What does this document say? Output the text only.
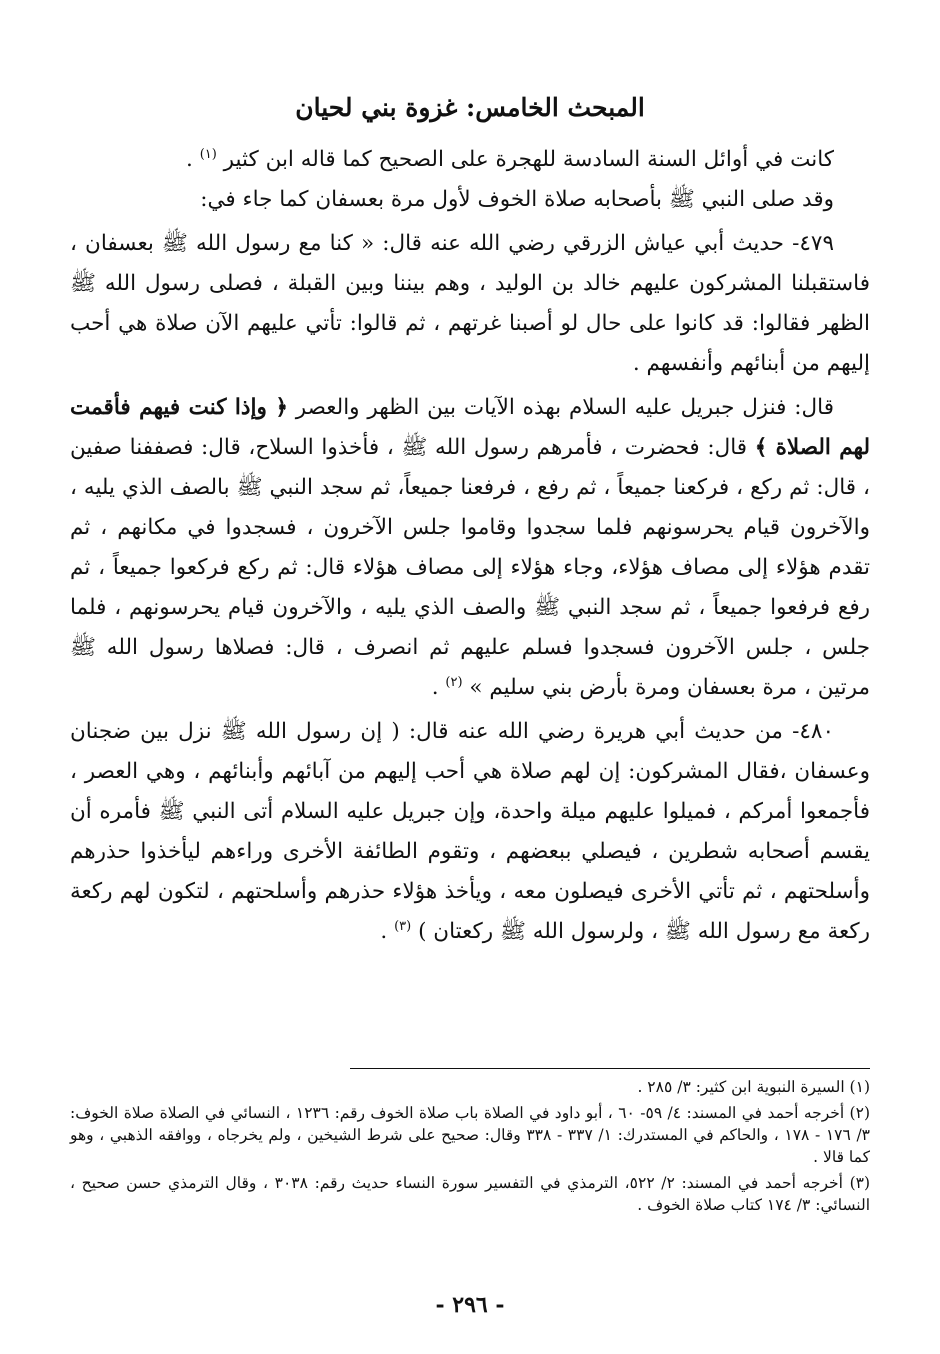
المبحث الخامس: غزوة بني لحيان

كانت في أوائل السنة السادسة للهجرة على الصحيح كما قاله ابن كثير $^{(١)}$ .

وقد صلى النبي ﷺ بأصحابه صلاة الخوف لأول مرة بعسفان كما جاء في:

٤٧٩- حديث أبي عياش الزرقي رضي الله عنه قال: « كنا مع رسول الله ﷺ بعسفان ، فاستقبلنا المشركون عليهم خالد بن الوليد ، وهم بيننا وبين القبلة ، فصلى رسول الله ﷺ الظهر فقالوا: قد كانوا على حال لو أصبنا غرتهم ، ثم قالوا: تأتي عليهم الآن صلاة هي أحب إليهم من أبنائهم وأنفسهم .

قال: فنزل جبريل عليه السلام بهذه الآيات بين الظهر والعصر ﴿ وإذا كنت فيهم فأقمت لهم الصلاة ﴾ قال: فحضرت ، فأمرهم رسول الله ﷺ ، فأخذوا السلاح، قال: فصففنا صفين ، قال: ثم ركع ، فركعنا جميعاً ، ثم رفع ، فرفعنا جميعاً، ثم سجد النبي ﷺ بالصف الذي يليه ، والآخرون قيام يحرسونهم فلما سجدوا وقاموا جلس الآخرون ، فسجدوا في مكانهم ، ثم تقدم هؤلاء إلى مصاف هؤلاء، وجاء هؤلاء إلى مصاف هؤلاء قال: ثم ركع فركعوا جميعاً ، ثم رفع فرفعوا جميعاً ، ثم سجد النبي ﷺ والصف الذي يليه ، والآخرون قيام يحرسونهم ، فلما جلس ، جلس الآخرون فسجدوا فسلم عليهم ثم انصرف ، قال: فصلاها رسول الله ﷺ مرتين ، مرة بعسفان ومرة بأرض بني سليم » $^{(٢)}$ .

٤٨٠- من حديث أبي هريرة رضي الله عنه قال: ( إن رسول الله ﷺ نزل بين ضجنان وعسفان ،فقال المشركون: إن لهم صلاة هي أحب إليهم من آبائهم وأبنائهم ، وهي العصر ، فأجمعوا أمركم ، فميلوا عليهم ميلة واحدة، وإن جبريل عليه السلام أتى النبي ﷺ فأمره أن يقسم أصحابه شطرين ، فيصلي ببعضهم ، وتقوم الطائفة الأخرى وراءهم ليأخذوا حذرهم وأسلحتهم ، ثم تأتي الأخرى فيصلون معه ، ويأخذ هؤلاء حذرهم وأسلحتهم ، لتكون لهم ركعة ركعة مع رسول الله ﷺ ، ولرسول الله ﷺ ركعتان ) $^{(٣)}$ .

(١) السيرة النبوية ابن كثير: ٣/ ٢٨٥ .

(٢) أخرجه أحمد في المسند: ٤/ ٥٩- ٦٠ ، أبو داود في الصلاة باب صلاة الخوف رقم: ١٢٣٦ ، النسائي في الصلاة صلاة الخوف: ٣/ ١٧٦ - ١٧٨ ، والحاكم في المستدرك: ١/ ٣٣٧ - ٣٣٨ وقال: صحيح على شرط الشيخين ، ولم يخرجاه ، ووافقه الذهبي ، وهو كما قالا .

(٣) أخرجه أحمد في المسند: ٢/ ٥٢٢، الترمذي في التفسير سورة النساء حديث رقم: ٣٠٣٨ ، وقال الترمذي حسن صحيح ، النسائي: ٣/ ١٧٤ كتاب صلاة الخوف .

- ٢٩٦ -
